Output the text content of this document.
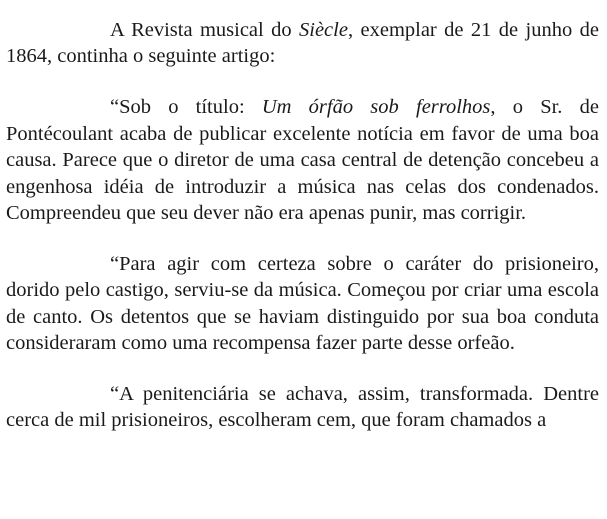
A Revista musical do Siècle, exemplar de 21 de junho de 1864, continha o seguinte artigo:

“Sob o título: Um órfão sob ferrolhos, o Sr. de Pontécoulant acaba de publicar excelente notícia em favor de uma boa causa. Parece que o diretor de uma casa central de detenção concebeu a engenhosa idéia de introduzir a música nas celas dos condenados. Compreendeu que seu dever não era apenas punir, mas corrigir.

“Para agir com certeza sobre o caráter do prisioneiro, dorido pelo castigo, serviu-se da música. Começou por criar uma escola de canto. Os detentos que se haviam distinguido por sua boa conduta consideraram como uma recompensa fazer parte desse orfeão.

“A penitenciária se achava, assim, transformada. Dentre cerca de mil prisioneiros, escolheram cem, que foram chamados a
